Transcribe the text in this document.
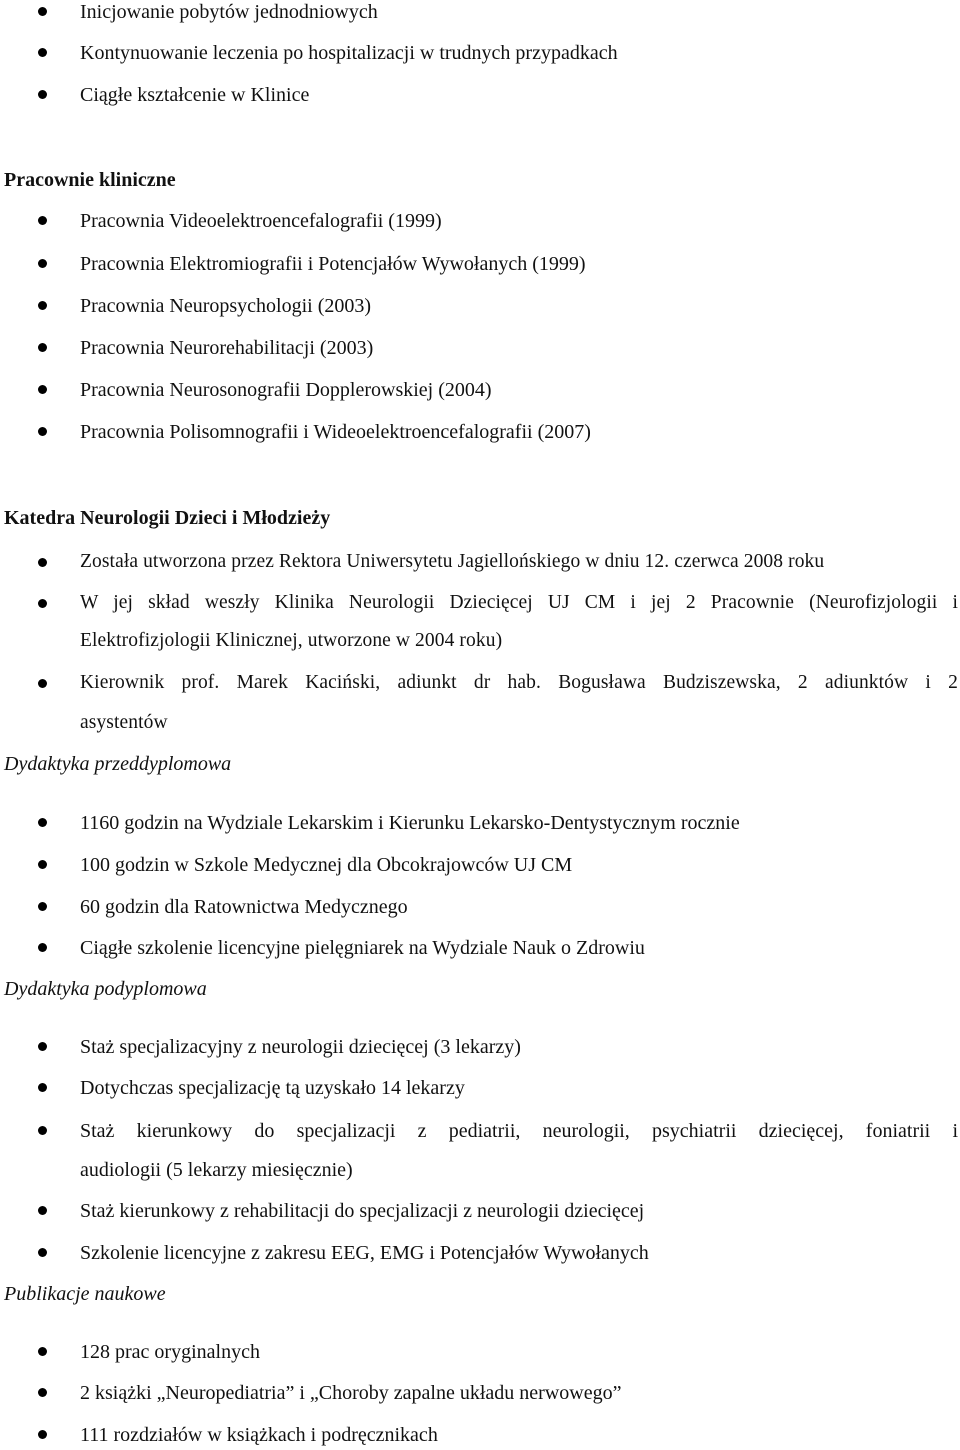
Inicjowanie pobytów jednodniowych
Kontynuowanie leczenia po hospitalizacji w trudnych przypadkach
Ciągłe kształcenie w Klinice
Pracownie kliniczne
Pracownia Videoelektroencefalografii (1999)
Pracownia Elektromiografii i Potencjałów Wywołanych (1999)
Pracownia Neuropsychologii (2003)
Pracownia Neurorehabilitacji (2003)
Pracownia Neurosonografii Dopplerowskiej (2004)
Pracownia Polisomnografii i Wideoelektroencefalografii (2007)
Katedra Neurologii Dzieci i Młodzieży
Została utworzona przez Rektora Uniwersytetu Jagiellońskiego w dniu 12. czerwca 2008 roku
W jej skład weszły Klinika Neurologii Dziecięcej UJ CM i jej 2 Pracownie (Neurofizjologii i
Elektrofizjologii Klinicznej, utworzone w 2004 roku)
Kierownik prof. Marek Kaciński, adiunkt dr hab. Bogusława Budziszewska, 2 adiunktów i 2
asystentów
Dydaktyka przeddyplomowa
1160 godzin na Wydziale Lekarskim i Kierunku Lekarsko-Dentystycznym rocznie
100 godzin w Szkole Medycznej dla Obcokrajowców UJ CM
60 godzin dla Ratownictwa Medycznego
Ciągłe szkolenie licencyjne pielęgniarek na Wydziale Nauk o Zdrowiu
Dydaktyka podyplomowa
Staż specjalizacyjny z neurologii dziecięcej (3 lekarzy)
Dotychczas specjalizację tą uzyskało 14 lekarzy
Staż kierunkowy do specjalizacji z pediatrii, neurologii, psychiatrii dziecięcej, foniatrii i
audiologii (5 lekarzy miesięcznie)
Staż kierunkowy z rehabilitacji do specjalizacji z neurologii dziecięcej
Szkolenie licencyjne z zakresu EEG, EMG i Potencjałów Wywołanych
Publikacje naukowe
128 prac oryginalnych
2 książki „Neuropediatria” i „Choroby zapalne układu nerwowego”
111 rozdziałów w książkach i podręcznikach
